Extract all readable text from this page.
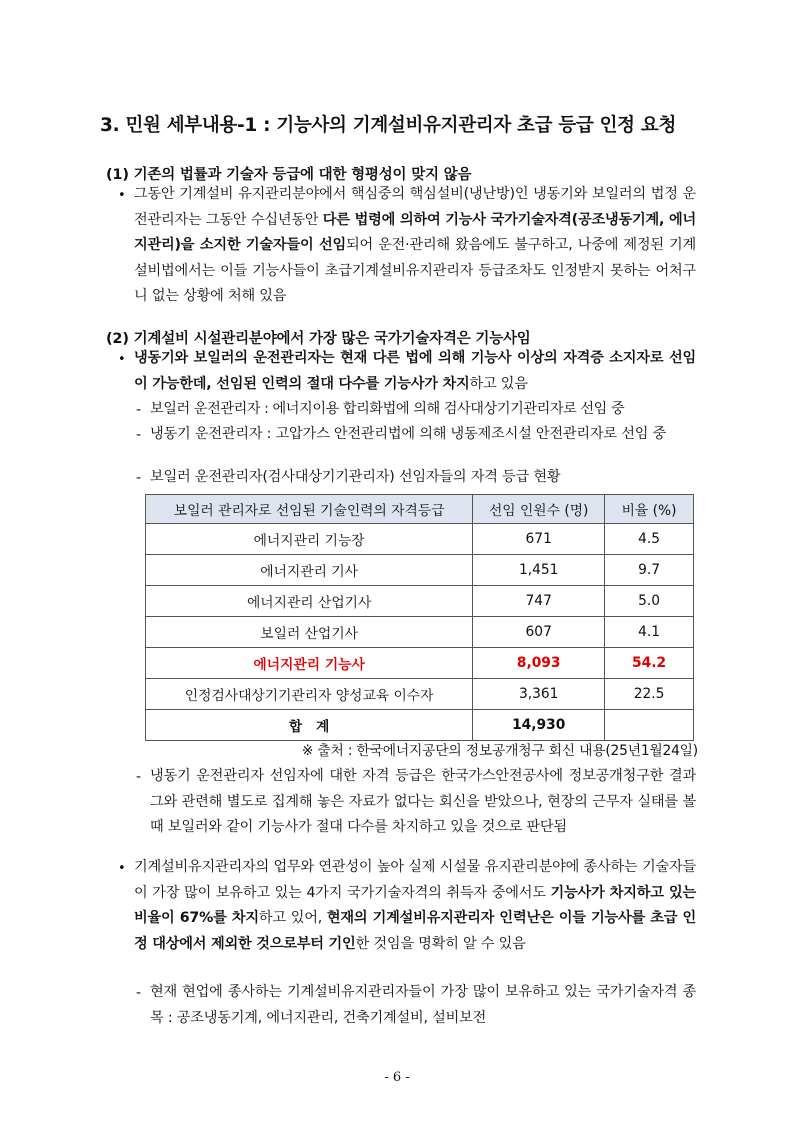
3. 민원 세부내용-1 : 기능사의 기계설비유지관리자 초급 등급 인정 요청
(1) 기존의 법률과 기술자 등급에 대한 형평성이 맞지 않음
• 그동안 기계설비 유지관리분야에서 핵심중의 핵심설비(냉난방)인 냉동기와 보일러의 법정 운전관리자는 그동안 수십년동안 다른 법령에 의하여 기능사 국가기술자격(공조냉동기계, 에너지관리)을 소지한 기술자들이 선임되어 운전·관리해 왔음에도 불구하고, 나중에 제정된 기계설비법에서는 이들 기능사들이 초급기계설비유지관리자 등급조차도 인정받지 못하는 어처구니 없는 상황에 처해 있음
(2) 기계설비 시설관리분야에서 가장 많은 국가기술자격은 기능사임
• 냉동기와 보일러의 운전관리자는 현재 다른 법에 의해 기능사 이상의 자격증 소지자로 선임이 가능한데, 선임된 인력의 절대 다수를 기능사가 차지하고 있음
- 보일러 운전관리자 : 에너지이용 합리화법에 의해 검사대상기기관리자로 선임 중
- 냉동기 운전관리자 : 고압가스 안전관리법에 의해 냉동제조시설 안전관리자로 선임 중
- 보일러 운전관리자(검사대상기기관리자) 선임자들의 자격 등급 현황
보일러 관리자로 선임된 기술인력의 자격등급	선임 인원수 (명)	비율 (%)
에너지관리 기능장	671	4.5
에너지관리 기사	1,451	9.7
에너지관리 산업기사	747	5.0
보일러 산업기사	607	4.1
에너지관리 기능사	8,093	54.2
인정검사대상기기관리자 양성교육 이수자	3,361	22.5
합　계	14,930	
※ 출처 : 한국에너지공단의 정보공개청구 회신 내용(25년1월24일)
- 냉동기 운전관리자 선임자에 대한 자격 등급은 한국가스안전공사에 정보공개청구한 결과 그와 관련해 별도로 집계해 놓은 자료가 없다는 회신을 받았으나, 현장의 근무자 실태를 볼 때 보일러와 같이 기능사가 절대 다수를 차지하고 있을 것으로 판단됨
• 기계설비유지관리자의 업무와 연관성이 높아 실제 시설물 유지관리분야에 종사하는 기술자들이 가장 많이 보유하고 있는 4가지 국가기술자격의 취득자 중에서도 기능사가 차지하고 있는 비율이 67%를 차지하고 있어, 현재의 기계설비유지관리자 인력난은 이들 기능사를 초급 인정 대상에서 제외한 것으로부터 기인한 것임을 명확히 알 수 있음
- 현재 현업에 종사하는 기계설비유지관리자들이 가장 많이 보유하고 있는 국가기술자격 종목 : 공조냉동기계, 에너지관리, 건축기계설비, 설비보전
- 6 -
